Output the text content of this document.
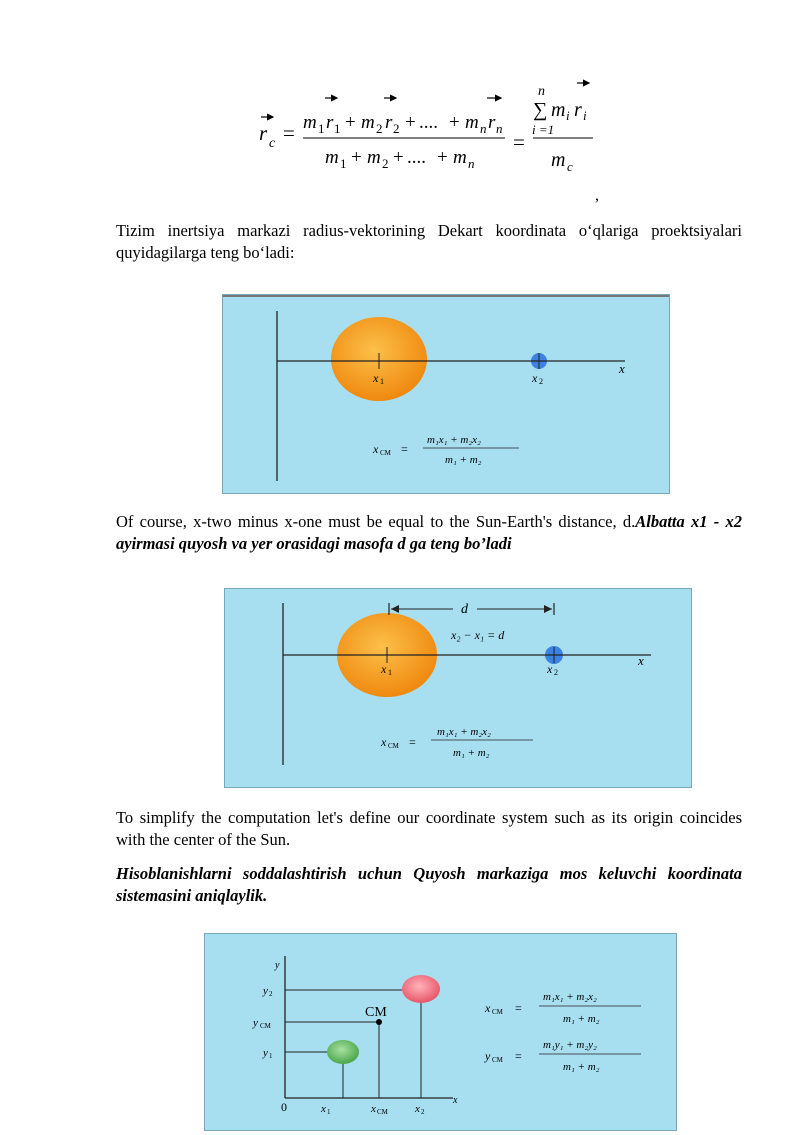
r c = m 1 r 1 + m 2 r 2 + .... + m n r n
m 1 + m 2 + .... + m n
=
n
∑ m i r i
i =1
m c
,
Tizim inertsiya markazi radius-vektorining Dekart koordinata o‘qlariga proektsiyalari quyidagilarga teng bo‘ladi:
x 1	x 2
x
x CM =
m₁x₁ + m₂x₂
m₁ + m₂
Of course, x-two minus x-one must be equal to the Sun-Earth's distance, d.Albatta x1 - x2 ayirmasi quyosh va yer orasidagi masofa d ga teng bo’ladi
d
x₂ − x₁ = d
x 1	x 2
x
x CM =
m₁x₁ + m₂x₂
m₁ + m₂
To simplify the computation let's define our coordinate system such as its origin coincides with the center of the Sun.
Hisoblanishlarni soddalashtirish uchun Quyosh markaziga mos keluvchi koordinata sistemasini aniqlaylik.
y
x
0
CM
y 2
y CM
y 1
x 1	x CM x 2
x CM =
m₁x₁ + m₂x₂
m₁ + m₂
y CM =
m₁y₁ + m₂y₂
m₁ + m₂
